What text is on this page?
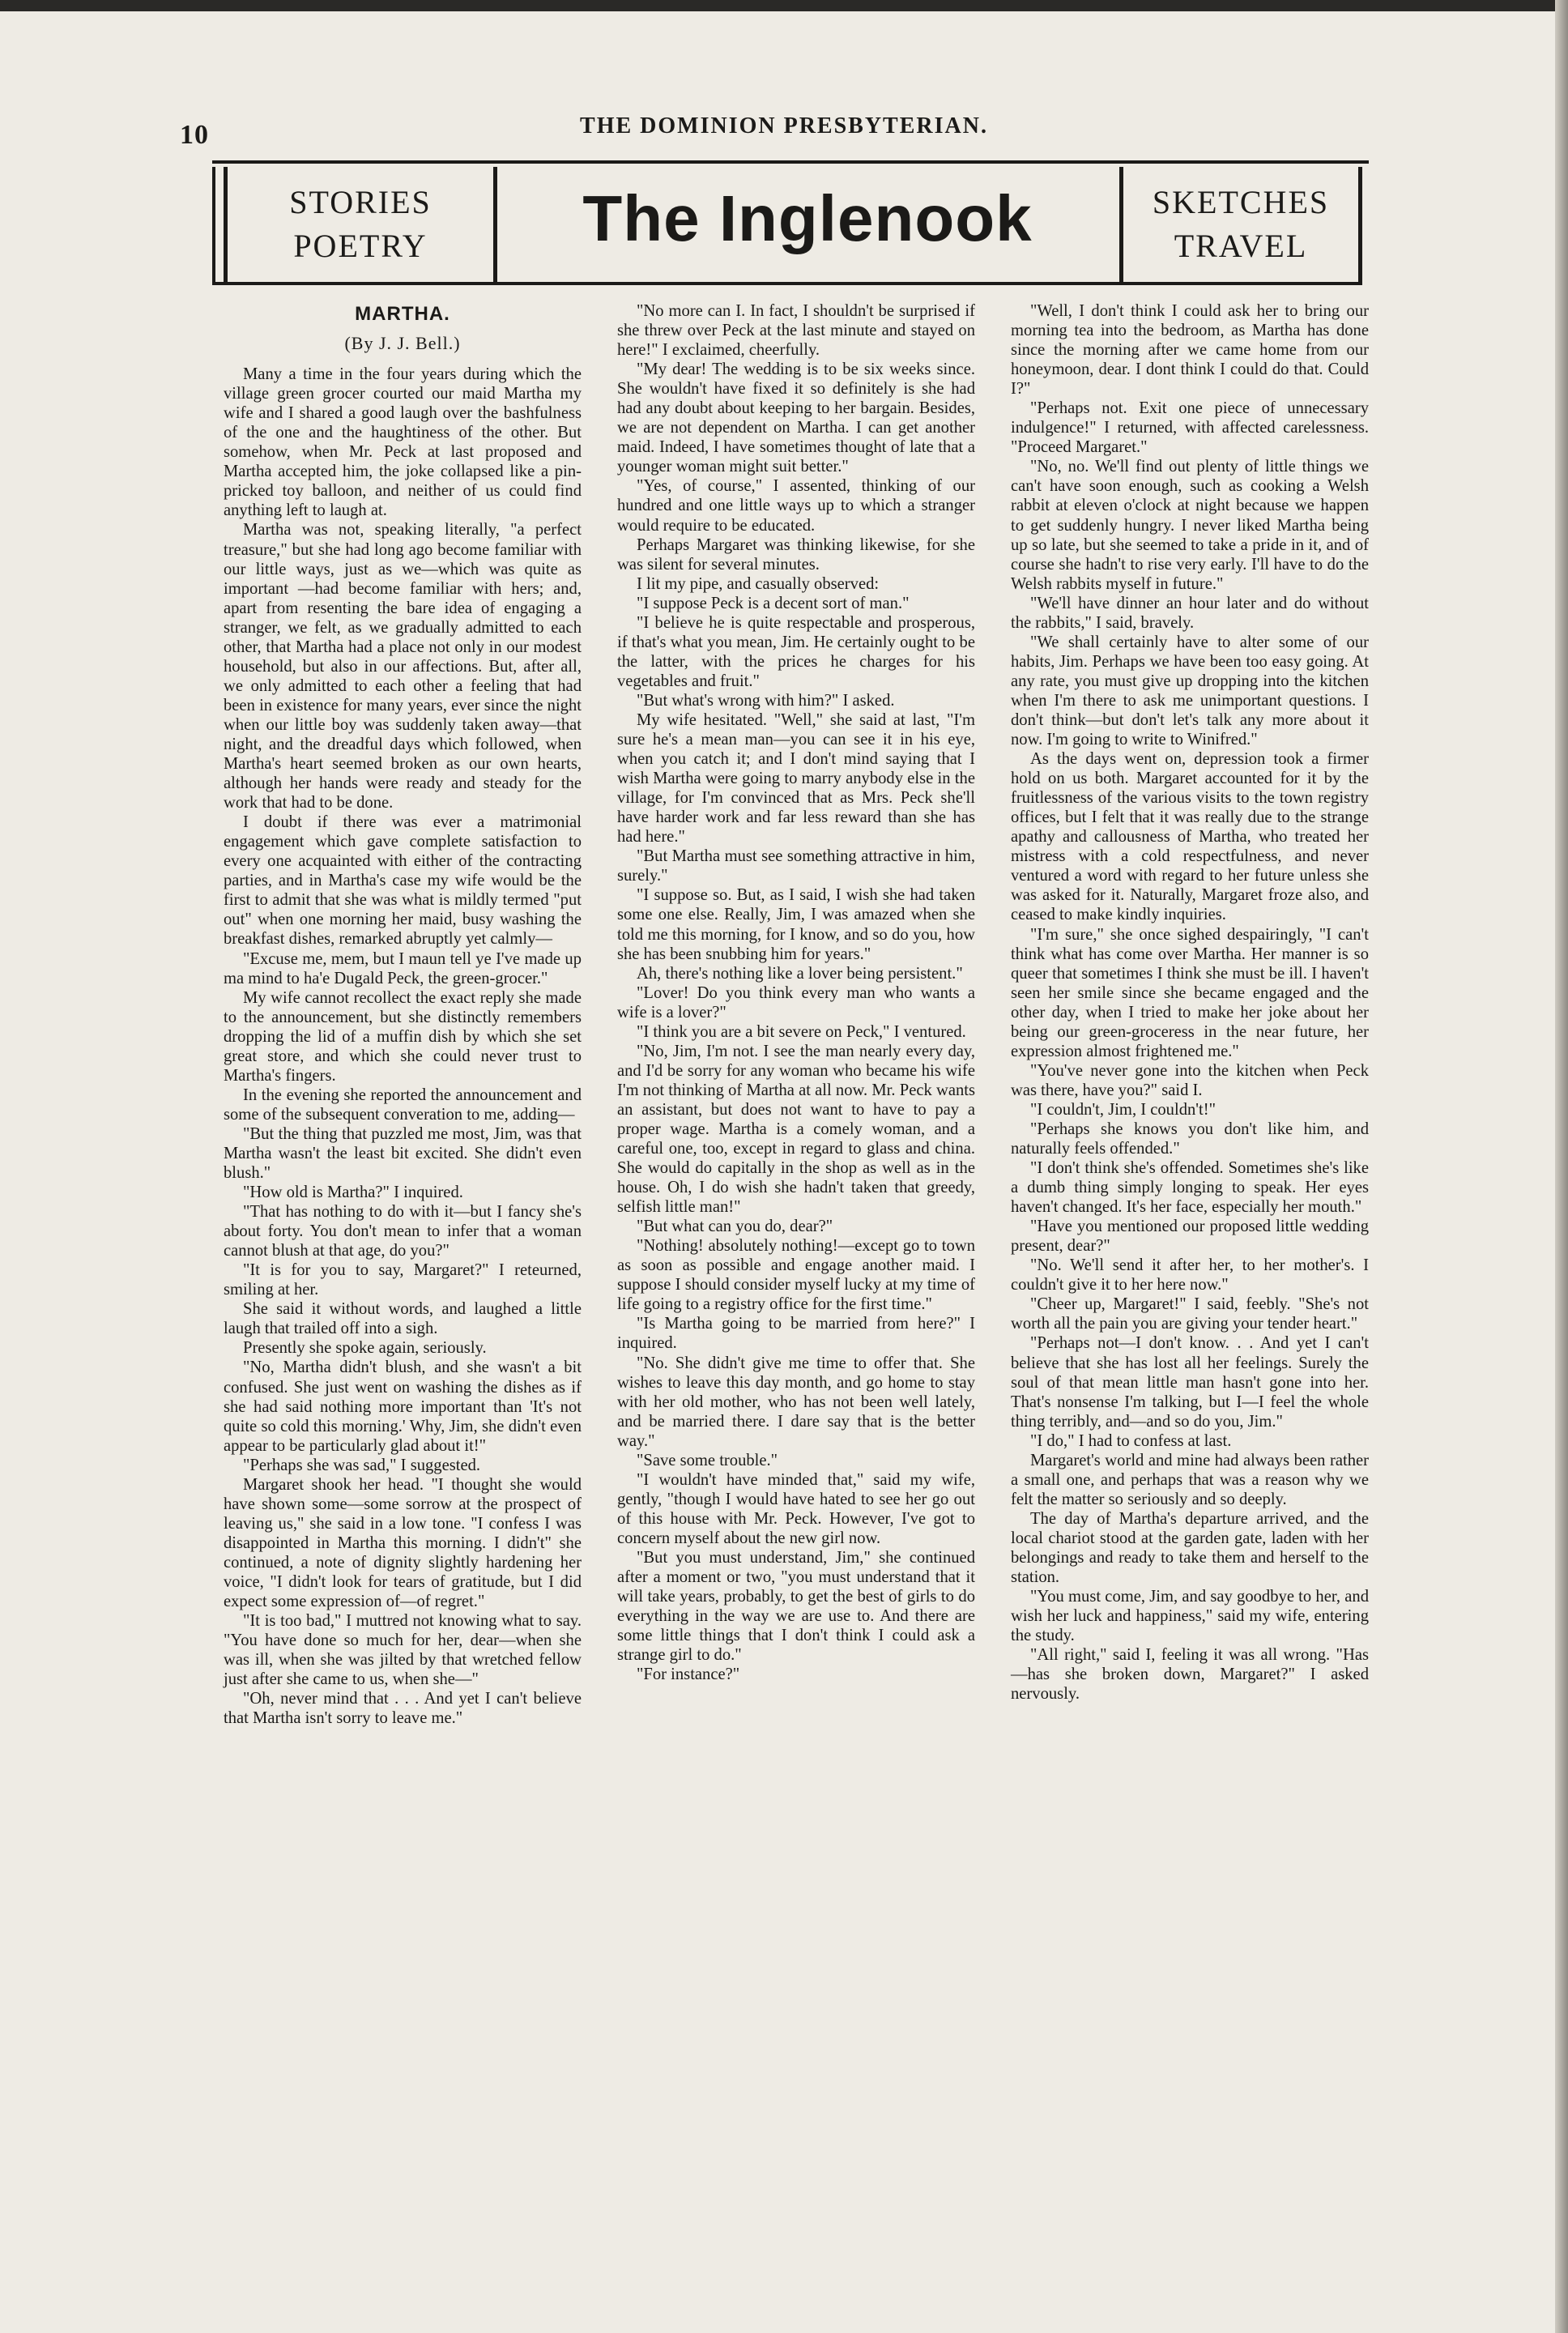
10	THE DOMINION PRESBYTERIAN.
STORIES
POETRY	The Inglenook	SKETCHES
TRAVEL

MARTHA.

(By J. J. Bell.)

Many a time in the four years during which the village green grocer courted our maid Martha my wife and I shared a good laugh over the bashfulness of the one and the haughtiness of the other. But somehow, when Mr. Peck at last proposed and Martha accepted him, the joke collapsed like a pin-pricked toy balloon, and neither of us could find anything left to laugh at.

Martha was not, speaking literally, "a perfect treasure," but she had long ago become familiar with our little ways, just as we—which was quite as important —had become familiar with hers; and, apart from resenting the bare idea of engaging a stranger, we felt, as we gradually admitted to each other, that Martha had a place not only in our modest household, but also in our affections. But, after all, we only admitted to each other a feeling that had been in existence for many years, ever since the night when our little boy was suddenly taken away—that night, and the dreadful days which followed, when Martha's heart seemed broken as our own hearts, although her hands were ready and steady for the work that had to be done.

I doubt if there was ever a matrimonial engagement which gave complete satisfaction to every one acquainted with either of the contracting parties, and in Martha's case my wife would be the first to admit that she was what is mildly termed "put out" when one morning her maid, busy washing the breakfast dishes, remarked abruptly yet calmly—

"Excuse me, mem, but I maun tell ye I've made up ma mind to ha'e Dugald Peck, the green-grocer."

My wife cannot recollect the exact reply she made to the announcement, but she distinctly remembers dropping the lid of a muffin dish by which she set great store, and which she could never trust to Martha's fingers.

In the evening she reported the announcement and some of the subsequent converation to me, adding—

"But the thing that puzzled me most, Jim, was that Martha wasn't the least bit excited. She didn't even blush."

"How old is Martha?" I inquired.

"That has nothing to do with it—but I fancy she's about forty. You don't mean to infer that a woman cannot blush at that age, do you?"

"It is for you to say, Margaret?" I reteurned, smiling at her.

She said it without words, and laughed a little laugh that trailed off into a sigh.

Presently she spoke again, seriously.

"No, Martha didn't blush, and she wasn't a bit confused. She just went on washing the dishes as if she had said nothing more important than 'It's not quite so cold this morning.' Why, Jim, she didn't even appear to be particularly glad about it!"

"Perhaps she was sad," I suggested.

Margaret shook her head. "I thought she would have shown some—some sorrow at the prospect of leaving us," she said in a low tone. "I confess I was disappointed in Martha this morning. I didn't" she continued, a note of dignity slightly hardening her voice, "I didn't look for tears of gratitude, but I did expect some expression of—of regret."

"It is too bad," I muttred not knowing what to say. "You have done so much for her, dear—when she was ill, when she was jilted by that wretched fellow just after she came to us, when she—"

"Oh, never mind that . . . And yet I can't believe that Martha isn't sorry to leave me."

"No more can I. In fact, I shouldn't be surprised if she threw over Peck at the last minute and stayed on here!" I exclaimed, cheerfully.

"My dear! The wedding is to be six weeks since. She wouldn't have fixed it so definitely is she had had any doubt about keeping to her bargain. Besides, we are not dependent on Martha. I can get another maid. Indeed, I have sometimes thought of late that a younger woman might suit better."

"Yes, of course," I assented, thinking of our hundred and one little ways up to which a stranger would require to be educated.

Perhaps Margaret was thinking likewise, for she was silent for several minutes.

I lit my pipe, and casually observed:

"I suppose Peck is a decent sort of man."

"I believe he is quite respectable and prosperous, if that's what you mean, Jim. He certainly ought to be the latter, with the prices he charges for his vegetables and fruit."

"But what's wrong with him?" I asked.

My wife hesitated. "Well," she said at last, "I'm sure he's a mean man—you can see it in his eye, when you catch it; and I don't mind saying that I wish Martha were going to marry anybody else in the village, for I'm convinced that as Mrs. Peck she'll have harder work and far less reward than she has had here."

"But Martha must see something attractive in him, surely."

"I suppose so. But, as I said, I wish she had taken some one else. Really, Jim, I was amazed when she told me this morning, for I know, and so do you, how she has been snubbing him for years."

Ah, there's nothing like a lover being persistent."

"Lover! Do you think every man who wants a wife is a lover?"

"I think you are a bit severe on Peck," I ventured.

"No, Jim, I'm not. I see the man nearly every day, and I'd be sorry for any woman who became his wife I'm not thinking of Martha at all now. Mr. Peck wants an assistant, but does not want to have to pay a proper wage. Martha is a comely woman, and a careful one, too, except in regard to glass and china. She would do capitally in the shop as well as in the house. Oh, I do wish she hadn't taken that greedy, selfish little man!"

"But what can you do, dear?"

"Nothing! absolutely nothing!—except go to town as soon as possible and engage another maid. I suppose I should consider myself lucky at my time of life going to a registry office for the first time."

"Is Martha going to be married from here?" I inquired.

"No. She didn't give me time to offer that. She wishes to leave this day month, and go home to stay with her old mother, who has not been well lately, and be married there. I dare say that is the better way."

"Save some trouble."

"I wouldn't have minded that," said my wife, gently, "though I would have hated to see her go out of this house with Mr. Peck. However, I've got to concern myself about the new girl now.

"But you must understand, Jim," she continued after a moment or two, "you must understand that it will take years, probably, to get the best of girls to do everything in the way we are use to. And there are some little things that I don't think I could ask a strange girl to do."

"For instance?"

"Well, I don't think I could ask her to bring our morning tea into the bedroom, as Martha has done since the morning after we came home from our honeymoon, dear. I dont think I could do that. Could I?"

"Perhaps not. Exit one piece of unnecessary indulgence!" I returned, with affected carelessness. "Proceed Margaret."

"No, no. We'll find out plenty of little things we can't have soon enough, such as cooking a Welsh rabbit at eleven o'clock at night because we happen to get suddenly hungry. I never liked Martha being up so late, but she seemed to take a pride in it, and of course she hadn't to rise very early. I'll have to do the Welsh rabbits myself in future."

"We'll have dinner an hour later and do without the rabbits," I said, bravely.

"We shall certainly have to alter some of our habits, Jim. Perhaps we have been too easy going. At any rate, you must give up dropping into the kitchen when I'm there to ask me unimportant questions. I don't think—but don't let's talk any more about it now. I'm going to write to Winifred."

As the days went on, depression took a firmer hold on us both. Margaret accounted for it by the fruitlessness of the various visits to the town registry offices, but I felt that it was really due to the strange apathy and callousness of Martha, who treated her mistress with a cold respectfulness, and never ventured a word with regard to her future unless she was asked for it. Naturally, Margaret froze also, and ceased to make kindly inquiries.

"I'm sure," she once sighed despairingly, "I can't think what has come over Martha. Her manner is so queer that sometimes I think she must be ill. I haven't seen her smile since she became engaged and the other day, when I tried to make her joke about her being our green-groceress in the near future, her expression almost frightened me."

"You've never gone into the kitchen when Peck was there, have you?" said I.

"I couldn't, Jim, I couldn't!"

"Perhaps she knows you don't like him, and naturally feels offended."

"I don't think she's offended. Sometimes she's like a dumb thing simply longing to speak. Her eyes haven't changed. It's her face, especially her mouth."

"Have you mentioned our proposed little wedding present, dear?"

"No. We'll send it after her, to her mother's. I couldn't give it to her here now."

"Cheer up, Margaret!" I said, feebly. "She's not worth all the pain you are giving your tender heart."

"Perhaps not—I don't know. . . And yet I can't believe that she has lost all her feelings. Surely the soul of that mean little man hasn't gone into her. That's nonsense I'm talking, but I—I feel the whole thing terribly, and—and so do you, Jim."

"I do," I had to confess at last.

Margaret's world and mine had always been rather a small one, and perhaps that was a reason why we felt the matter so seriously and so deeply.

The day of Martha's departure arrived, and the local chariot stood at the garden gate, laden with her belongings and ready to take them and herself to the station.

"You must come, Jim, and say goodbye to her, and wish her luck and happiness," said my wife, entering the study.

"All right," said I, feeling it was all wrong. "Has—has she broken down, Margaret?" I asked nervously.
